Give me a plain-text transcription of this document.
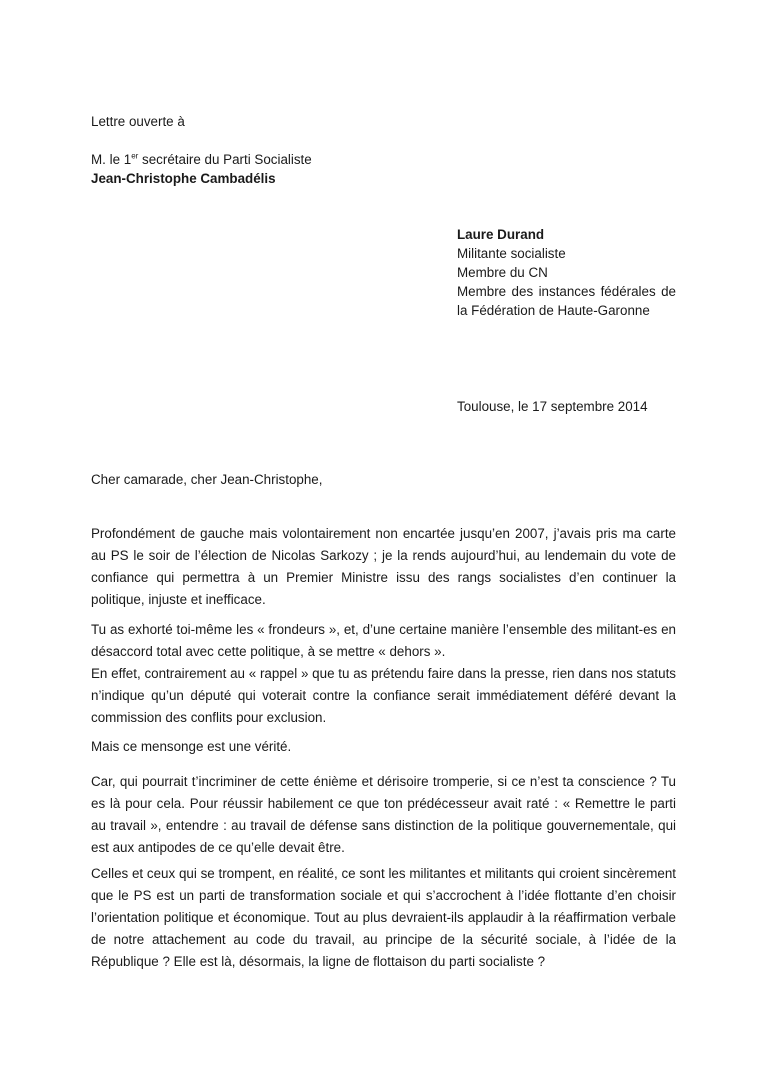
Lettre ouverte à
M. le 1er secrétaire du Parti Socialiste
Jean-Christophe Cambadélis
Laure Durand
Militante socialiste
Membre du CN
Membre des instances fédérales de la Fédération de Haute-Garonne
Toulouse, le 17 septembre 2014
Cher camarade, cher Jean-Christophe,

Profondément de gauche mais volontairement non encartée jusqu’en 2007, j’avais pris ma carte au PS le soir de l’élection de Nicolas Sarkozy ; je la rends aujourd’hui, au lendemain du vote de confiance qui permettra à un Premier Ministre issu des rangs socialistes d’en continuer la politique, injuste et inefficace.

Tu as exhorté toi-même les « frondeurs », et, d’une certaine manière l’ensemble des militant-es en désaccord total avec cette politique, à se mettre « dehors ».

En effet, contrairement au « rappel » que tu as prétendu faire dans la presse, rien dans nos statuts n’indique qu’un député qui voterait contre la confiance serait immédiatement déféré devant la commission des conflits pour exclusion.

Mais ce mensonge est une vérité.

Car, qui pourrait t’incriminer de cette énième et dérisoire tromperie, si ce n’est ta conscience ? Tu es là pour cela. Pour réussir habilement ce que ton prédécesseur avait raté : « Remettre le parti au travail », entendre : au travail de défense sans distinction de la politique gouvernementale, qui est aux antipodes de ce qu’elle devait être.

Celles et ceux qui se trompent, en réalité, ce sont les militantes et militants qui croient sincèrement que le PS est un parti de transformation sociale et qui s’accrochent à l’idée flottante d’en choisir l’orientation politique et économique. Tout au plus devraient-ils applaudir à la réaffirmation verbale de notre attachement au code du travail, au principe de la sécurité sociale, à l’idée de la République ? Elle est là, désormais, la ligne de flottaison du parti socialiste ?
